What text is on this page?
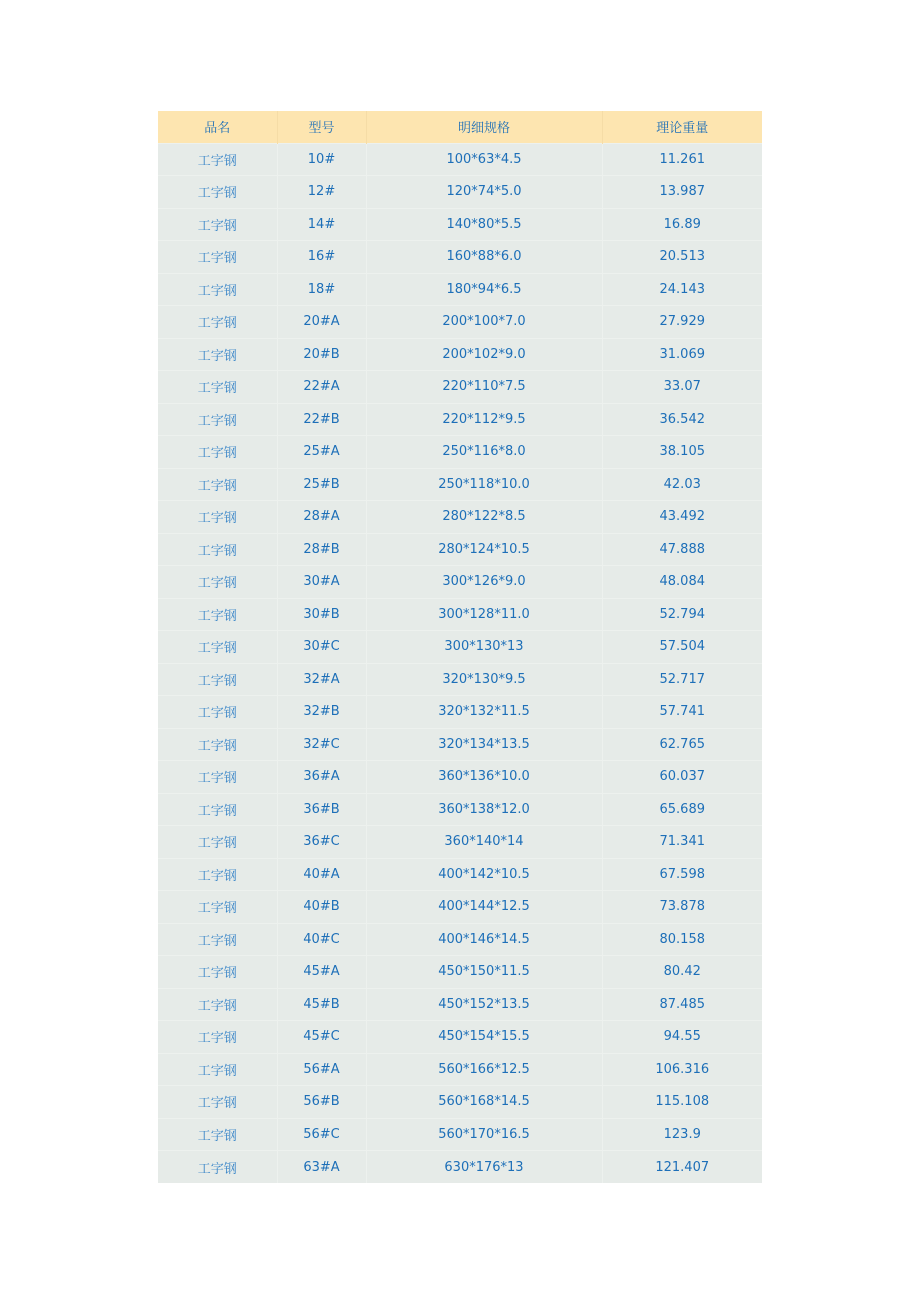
品名	型号	明细规格	理论重量
工字钢	10#	100*63*4.5	11.261
工字钢	12#	120*74*5.0	13.987
工字钢	14#	140*80*5.5	16.89
工字钢	16#	160*88*6.0	20.513
工字钢	18#	180*94*6.5	24.143
工字钢	20#A	200*100*7.0	27.929
工字钢	20#B	200*102*9.0	31.069
工字钢	22#A	220*110*7.5	33.07
工字钢	22#B	220*112*9.5	36.542
工字钢	25#A	250*116*8.0	38.105
工字钢	25#B	250*118*10.0	42.03
工字钢	28#A	280*122*8.5	43.492
工字钢	28#B	280*124*10.5	47.888
工字钢	30#A	300*126*9.0	48.084
工字钢	30#B	300*128*11.0	52.794
工字钢	30#C	300*130*13	57.504
工字钢	32#A	320*130*9.5	52.717
工字钢	32#B	320*132*11.5	57.741
工字钢	32#C	320*134*13.5	62.765
工字钢	36#A	360*136*10.0	60.037
工字钢	36#B	360*138*12.0	65.689
工字钢	36#C	360*140*14	71.341
工字钢	40#A	400*142*10.5	67.598
工字钢	40#B	400*144*12.5	73.878
工字钢	40#C	400*146*14.5	80.158
工字钢	45#A	450*150*11.5	80.42
工字钢	45#B	450*152*13.5	87.485
工字钢	45#C	450*154*15.5	94.55
工字钢	56#A	560*166*12.5	106.316
工字钢	56#B	560*168*14.5	115.108
工字钢	56#C	560*170*16.5	123.9
工字钢	63#A	630*176*13	121.407
